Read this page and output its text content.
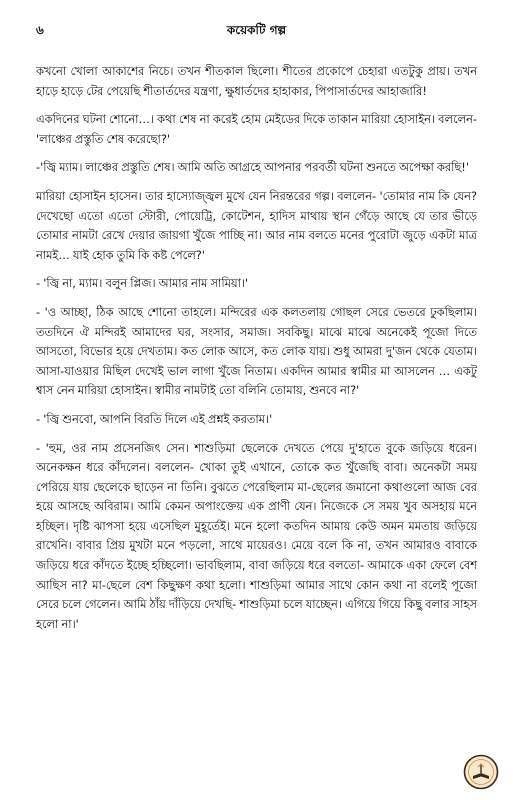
৬	কয়েকটি গল্প

কখনো খোলা আকাশের নিচে। তখন শীতকাল ছিলো। শীতের প্রকোপে চেহারা এতটুকু প্রায়। তখন হাড়ে হাড়ে টের পেয়েছি শীতার্তদের যন্ত্রণা, ক্ষুধার্তদের হাহাকার, পিপাসার্তদের আহাজারি!

একদিনের ঘটনা শোনো…। কথা শেষ না করেই হোম মেইডের দিকে তাকান মারিয়া হোসাইন। বললেন- 'লাঞ্চের প্রস্তুতি শেষ করেছো?'

-'জ্বি ম্যাম। লাঞ্চের প্রস্তুতি শেষ। আমি অতি আগ্রহে আপনার পরবর্তী ঘটনা শুনতে অপেক্ষা করছি!'

মারিয়া হোসাইন হাসেন। তার হাস্যোজ্জ্বল মুখে যেন নিরন্তরের গল্প। বললেন- 'তোমার নাম কি যেন? দেখেছো এতো এতো স্টোরী, পোয়েট্রি, কোটেশন, হাদিস মাথায় স্থান গেঁড়ে আছে যে তার ভীড়ে তোমার নামটা রেখে দেয়ার জায়গা খুঁজে পাচ্ছি না। আর নাম বলতে মনের পুরোটা জুড়ে একটা মাত্র নামই… যাই হোক তুমি কি কষ্ট পেলে?'

- 'জ্বি না, ম্যাম। বলুন প্লিজ। আমার নাম সামিয়া।'

- 'ও আচ্ছা, ঠিক আছে শোনো তাহলে। মন্দিরের এক কলতলায় গোছল সেরে ভেতরে ঢুকছিলাম। ততদিনে ঐ মন্দিরই আমাদের ঘর, সংসার, সমাজ। সবকিছু। মাঝে মাঝে অনেকেই পূজো দিতে আসতো, বিভোর হয়ে দেখতাম। কত লোক আসে, কত লোক যায়। শুধু আমরা দু'জন থেকে যেতাম। আসা-যাওয়ার মিছিল দেখেই ভাল লাগা খুঁজে নিতাম। একদিন আমার স্বামীর মা আসলেন … একটু শ্বাস নেন মারিয়া হোসাইন। স্বামীর নামটাই তো বলিনি তোমায়, শুনবে না?'

- 'জ্বি শুনবো, আপনি বিরতি দিলে এই প্রশ্নই করতাম।'

- 'হুম, ওর নাম প্রসেনজিৎ সেন। শাশুড়িমা ছেলেকে দেখতে পেয়ে দু'হাতে বুকে জড়িয়ে ধরেন। অনেকক্ষন ধরে কাঁদলেন। বললেন- খোকা তুই এখানে, তোকে কত খুঁজেছি বাবা। অনেকটা সময় পেরিয়ে যায় ছেলেকে ছাড়েন না তিনি। বুঝতে পেরেছিলাম মা-ছেলের জমানো কথাগুলো আজ বের হয়ে আসছে অবিরাম। আমি কেমন অপাংক্তেয় এক প্রাণী যেন। নিজেকে সে সময় খুব অসহায় মনে হচ্ছিল। দৃষ্টি ঝাপসা হয়ে এসেছিল মুহূর্তেই। মনে হলো কতদিন আমায় কেউ অমন মমতায় জড়িয়ে রাখেনি। বাবার প্রিয় মুখটা মনে পড়লো, সাথে মায়েরও। মেয়ে বলে কি না, তখন আমারও বাবাকে জড়িয়ে ধরে কাঁদতে ইচ্ছে হচ্ছিলো। ভাবছিলাম, বাবা জড়িয়ে ধরে বলতো- আমাকে একা ফেলে বেশ আছিস না? মা-ছেলে বেশ কিছুক্ষণ কথা হলো। শাশুড়িমা আমার সাথে কোন কথা না বলেই পূজো সেরে চলে গেলেন। আমি ঠাঁয় দাঁড়িয়ে দেখছি- শাশুড়িমা চলে যাচ্ছেন। এগিয়ে গিয়ে কিছু বলার সাহস হলো না।'
